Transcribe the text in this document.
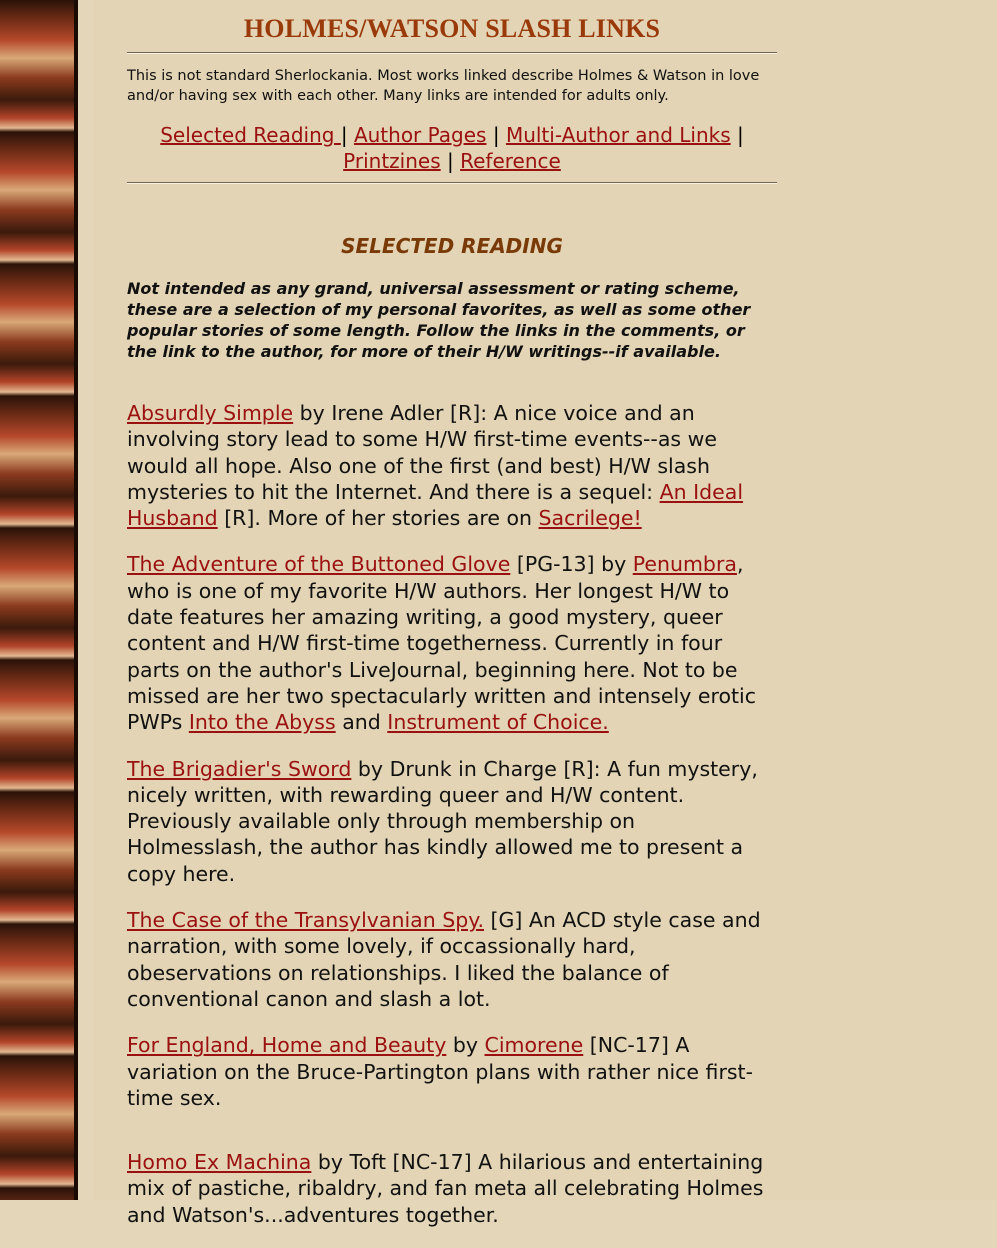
HOLMES/WATSON SLASH LINKS

This is not standard Sherlockania. Most works linked describe Holmes & Watson in love and/or having sex with each other. Many links are intended for adults only.

Selected Reading | Author Pages | Multi-Author and Links |
Printzines | Reference
SELECTED READING

Not intended as any grand, universal assessment or rating scheme, these are a selection of my personal favorites, as well as some other popular stories of some length. Follow the links in the comments, or the link to the author, for more of their H/W writings--if available.

Absurdly Simple by Irene Adler [R]: A nice voice and an involving story lead to some H/W first-time events--as we would all hope. Also one of the first (and best) H/W slash mysteries to hit the Internet. And there is a sequel: An Ideal Husband [R]. More of her stories are on Sacrilege!

The Adventure of the Buttoned Glove [PG-13] by Penumbra, who is one of my favorite H/W authors. Her longest H/W to date features her amazing writing, a good mystery, queer content and H/W first-time togetherness. Currently in four parts on the author's LiveJournal, beginning here. Not to be missed are her two spectacularly written and intensely erotic PWPs Into the Abyss and Instrument of Choice.

The Brigadier's Sword by Drunk in Charge [R]: A fun mystery, nicely written, with rewarding queer and H/W content. Previously available only through membership on Holmesslash, the author has kindly allowed me to present a copy here.

The Case of the Transylvanian Spy. [G] An ACD style case and narration, with some lovely, if occassionally hard, obeservations on relationships. I liked the balance of conventional canon and slash a lot.

For England, Home and Beauty by Cimorene [NC-17] A variation on the Bruce-Partington plans with rather nice first-time sex.

Homo Ex Machina by Toft [NC-17] A hilarious and entertaining mix of pastiche, ribaldry, and fan meta all celebrating Holmes and Watson's...adventures together.
